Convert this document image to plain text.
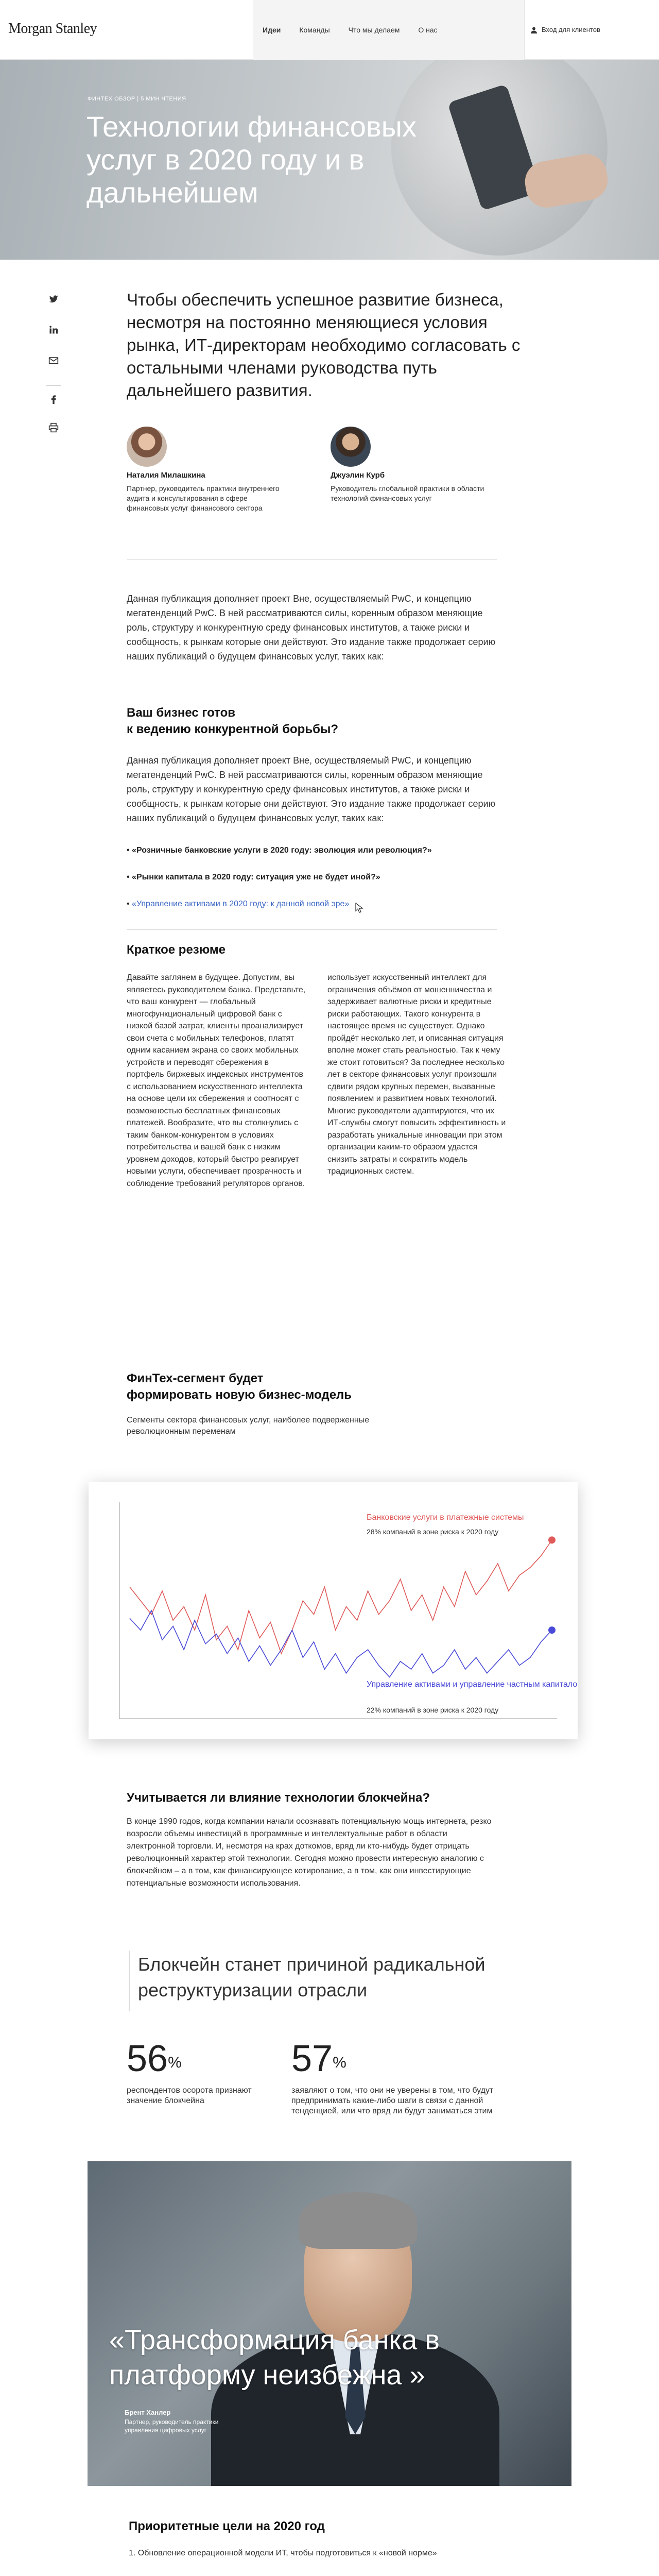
Morgan Stanley	Идеи	Команды	Что мы делаем	О нас	Вход для клиентов
ФИНТЕХ ОБЗОР | 5 МИН ЧТЕНИЯ
Технологии финансовых услуг в 2020 году и в дальнейшем
Чтобы обеспечить успешное развитие бизнеса, несмотря на постоянно меняющиеся условия рынка, ИТ-директорам необходимо согласовать с остальными членами руководства путь дальнейшего развития.
Наталия Милашкина
Партнер, руководитель практики внутреннего аудита и консультирования в сфере финансовых услуг финансового сектора
Джуэлин Курб
Руководитель глобальной практики в области технологий финансовых услуг
Данная публикация дополняет проект Вне, осуществляемый PwC, и концепцию мегатенденций PwC. В ней рассматриваются силы, коренным образом меняющие роль, структуру и конкурентную среду финансовых институтов, а также риски и сообщность, к рынкам которые они действуют. Это издание также продолжает серию наших публикаций о будущем финансовых услуг, таких как:
Ваш бизнес готов
к ведению конкурентной борьбы?
Данная публикация дополняет проект Вне, осуществляемый PwC, и концепцию мегатенденций PwC. В ней рассматриваются силы, коренным образом меняющие роль, структуру и конкурентную среду финансовых институтов, а также риски и сообщность, к рынкам которые они действуют. Это издание также продолжает серию наших публикаций о будущем финансовых услуг, таких как:
• «Розничные банковские услуги в 2020 году: эволюция или революция?»
• «Рынки капитала в 2020 году: ситуация уже не будет иной?»
• «Управление активами в 2020 году: к данной новой эре»
Краткое резюме
Давайте заглянем в будущее. Допустим, вы являетесь руководителем банка. Представьте, что ваш конкурент — глобальный многофункциональный цифровой банк с низкой базой затрат, клиенты проанализирует свои счета с мобильных телефонов, платят одним касанием экрана со своих мобильных устройств и переводят сбережения в портфель биржевых индексных инструментов с использованием искусственного интеллекта на основе цели их сбережения и соотносят с возможностью бесплатных финансовых платежей. Вообразите, что вы столкнулись с таким банком-конкурентом в условиях потребительства и вашей банк с низким уровнем доходов, который быстро реагирует новыми услуги, обеспечивает прозрачность и соблюдение требований регуляторов органов.
использует искусственный интеллект для ограничения объёмов от мошенничества и задерживает валютные риски и кредитные риски работающих. Такого конкурента в настоящее время не существует. Однако пройдёт несколько лет, и описанная ситуация вполне может стать реальностью. Так к чему же стоит готовиться? За последнее несколько лет в секторе финансовых услуг произошли сдвиги рядом крупных перемен, вызванные появлением и развитием новых технологий. Многие руководители адаптируются, что их ИТ-службы смогут повысить эффективность и разработать уникальные инновации при этом организации каким-то образом удастся снизить затраты и сократить модель традиционных систем.
ФинТех-сегмент будет
формировать новую бизнес-модель
Сегменты сектора финансовых услуг, наиболее подверженные революционным переменам
Банковские услуги в платежные системы
28% компаний в зоне риска к 2020 году
Управление активами и управление частным капиталом
22% компаний в зоне риска к 2020 году
Учитывается ли влияние технологии блокчейна?
В конце 1990 годов, когда компании начали осознавать потенциальную мощь интернета, резко возросли объемы инвестиций в программные и интеллектуальные работ в области электронной торговли. И, несмотря на крах доткомов, вряд ли кто-нибудь будет отрицать революционный характер этой технологии. Сегодня можно провести интересную аналогию с блокчейном – а в том, как финансирующее котирование, а в том, как они инвестирующие потенциальные возможности использования.
Блокчейн станет причиной радикальной реструктуризации отрасли
56%
респондентов осорота признают значение блокчейна
57%
заявляют о том, что они не уверены в том, что будут предпринимать какие-либо шаги в связи с данной тенденцией, или что вряд ли будут заниматься этим
«Трансформация банка в платформу неизбежна »
Брент Ханлер
Партнер, руководитель практики управления цифровых услуг
Приоритетные цели на 2020 год
1. Обновление операционной модели ИТ, чтобы подготовиться к «новой норме»
